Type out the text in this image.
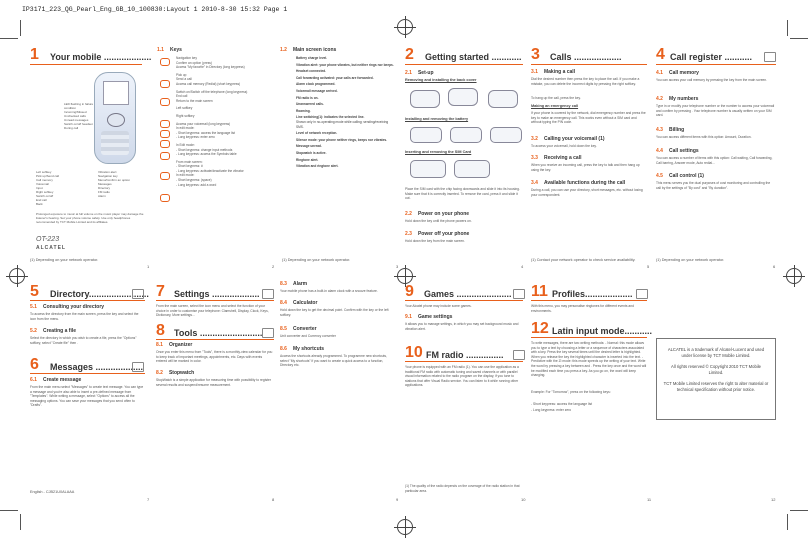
IP3171_223_QG_Pearl_Eng_GB_10_100830:Layout 1 2010-8-30 15:32 Page 1
1 Your mobile ...................
LED flashing in failure condition
Incoming/Missed Unchecked calls
Unread messages
Switch on/off headset
During call
Left softkey
Pick up/Send call
Call memory
Voicemail
Input
Right softkey
Switch on/off
End call
Back
Vibration alert
Navigation key
Menu/Confirm an option
Messages
Directory
FM radio
Alarm
Prolonged exposure to music at full volume on the music player may damage the listener's hearing. Set your phone volume safely. Use only headphones recommended by TCT Mobile Limited and its affiliates.
OT-223
ALCATEL
(1) Depending on your network operator.
1
1.1 Keys
Navigation key
Confirm an option (press)
Access "My favorite" in Directory (long keypress)
Pick up
Send a call
Access call memory (Redial) (short keypress)
Switch on/Switch off the telephone (long keypress)
End call
Return to the main screen
Left softkey
Right softkey
Access your voicemail (long keypress)
In edit mode:
- Short keypress: access the language list
- Long keypress: enter zero
In Edit mode:
- Short keypress: change input methods
- Long keypress: access the Symbols table
From main screen:
- Short keypress: #
- Long keypress: activate/deactivate the vibrator
In edit mode:
- Short keypress: (space)
- Long keypress: add a word
2
1.2 Main screen icons
Battery charge level.
Vibration alert: your phone vibrates, but neither rings nor beeps.
Headset connected.
Call forwarding activated: your calls are forwarded.
Alarm clock programmed.
Voicemail message arrived.
FM radio is on.
Unanswered calls.
Roaming.
Line switching(1): indicates the selected line.
Shown only in no-operating mode while calling; sending/receiving SMS.
Level of network reception.
Silence mode: your phone neither rings, beeps nor vibrates.
Message unread.
Stopwatch is active.
Ringtone alert.
Vibration and ringtone alert.
(1) Depending on your network operator.
3
2 Getting started ............
2.1 Set-up
Removing and installing the back cover
Installing and removing the battery
Inserting and removing the SIM Card
Place the SIM card with the chip facing downwards and slide it into its housing. Make sure that it is correctly inserted. To remove the card, press it and slide it out.
2.2 Power on your phone
Hold down the key until the phone powers on.
2.3 Power off your phone
Hold down the key from the main screen.
4
3 Calls ...................
3.1 Making a call
Dial the desired number then press the key to place the call. If you make a mistake, you can delete the incorrect digits by pressing the right softkey.
To hang up the call, press the key.
Making an emergency call
If your phone is covered by the network, dial emergency number and press the key to make an emergency call. This works even without a SIM card and without typing the PIN code.
3.2 Calling your voicemail (1)
To access your voicemail, hold down the key.
3.3 Receiving a call
When you receive an incoming call, press the key to talk and then hang up using the key.
3.4 Available functions during the call
During a call, you can use your directory, short messages, etc. without losing your correspondent.
(1) Contact your network operator to check service availability.
5
4 Call register ...........
4.1 Call memory
You can access your call memory by pressing the key from the main screen.
4.2 My numbers
Type in or modify your telephone number or the number to access your voicemail and confirm by pressing . Your telephone number is usually written on your SIM card.
4.3 Billing
You can access different items with this option: Amount, Duration.
4.4 Call settings
You can access a number of items with this option: Call waiting, Call forwarding, Call barring, Answer mode, Auto redial...
4.5 Call control (1)
This menu serves you the dual purposes of cost monitoring and controlling the call by the settings of "By cost" and "By duration".
(1) Depending on your network operator.
6
5 Directory........................
5.1 Consulting your directory
To access the directory from the main screen, press the key and select the icon from the menu.
5.2 Creating a file
Select the directory in which you wish to create a file, press the "Options" softkey, select "Create file" then .
6 Messages ...................
6.1 Create message
From the main menu select "Messages" to create text message. You can type a message and you're also able to insert a pre-defined message from "Templates". While writing a message, select "Options" to access all the messaging options. You can save your messages that you send often to "Drafts".
English - CJB21U0ALAAA
7
7 Settings ...................
From the main screen, select the icon menu and select the function of your choice in order to customise your telephone: Clamshell, Display, Clock, Keys, Dictionary, More settings...
8 Tools .........................
8.1 Organizer
Once you enter this menu from "Tools", there is a monthly-view calendar for you to keep track of important meetings, appointments, etc. Days with events entered will be marked in color.
8.2 Stopwatch
StopWatch is a simple application for measuring time with possibility to register several results and suspend/resume measurement.
8
8.3 Alarm
Your mobile phone has a built-in alarm clock with a snooze feature.
8.4 Calculator
Hold down the key to get the decimal point. Confirm with the key or the left softkey.
8.5 Converter
Unit converter and Currency converter
8.6 My shortcuts
Access the shortcuts already programmed. To programme new shortcuts, select "My shortcuts" if you want to create a quick access to a function, Directory etc.
9
9 Games ......................
Your Alcatel phone may include some games.
9.1 Game settings
It allows you to manage settings, in which you may set background music and vibration alert.
10 FM radio ...............
Your phone is equipped with an FM radio (1). You can use the application as a traditional FM radio with automatic tuning and saved channels or with parallel visual information related to the radio program on the display, if you tune to stations that offer Visual Radio service. You can listen to it while running other applications.
(1) The quality of the radio depends on the coverage of the radio station in that particular area.
10
11 Profiles...................
With this menu, you may personalise ringtones for different events and environments.
12 Latin input mode...........
To write messages, there are two writing methods: - Normal: this mode allows you to type a text by choosing a letter or a sequence of characters associated with a key. Press the key several times until the desired letter is highlighted. When you release the key the highlighted character is inserted into the text. - Predictive with the Zi mode: this mode speeds up the writing of your text. Write the word by pressing a key between and . Press the key once and the word will be modified each time you press a key. As you go on, the word will keep changing.
Example: For "Tomorrow", press on the following keys:
- Short keypress: access the language list
- Long keypress: enter zero
11
ALCATEL is a trademark of Alcatel-Lucent and used under license by TCT Mobile Limited.
All rights reserved © Copyright 2010 TCT Mobile Limited.
TCT Mobile Limited reserves the right to alter material or technical specification without prior notice.
12
